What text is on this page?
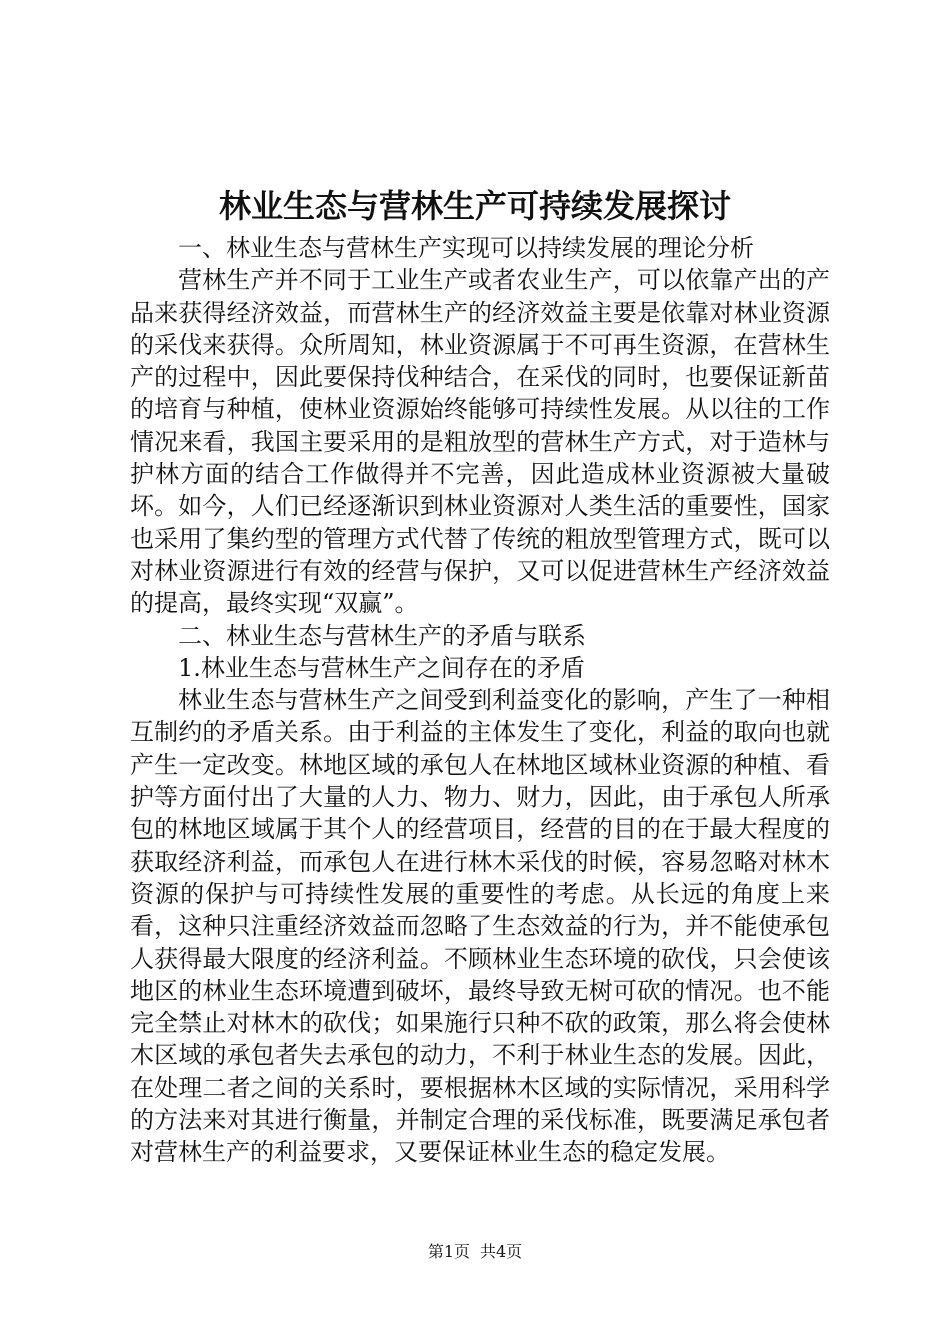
林业生态与营林生产可持续发展探讨

一、林业生态与营林生产实现可以持续发展的理论分析

营林生产并不同于工业生产或者农业生产，可以依靠产出的产品来获得经济效益，而营林生产的经济效益主要是依靠对林业资源的采伐来获得。众所周知，林业资源属于不可再生资源，在营林生产的过程中，因此要保持伐种结合，在采伐的同时，也要保证新苗的培育与种植，使林业资源始终能够可持续性发展。从以往的工作情况来看，我国主要采用的是粗放型的营林生产方式，对于造林与护林方面的结合工作做得并不完善，因此造成林业资源被大量破坏。如今，人们已经逐渐识到林业资源对人类生活的重要性，国家也采用了集约型的管理方式代替了传统的粗放型管理方式，既可以对林业资源进行有效的经营与保护，又可以促进营林生产经济效益的提高，最终实现“双赢”。

二、林业生态与营林生产的矛盾与联系

1.林业生态与营林生产之间存在的矛盾

林业生态与营林生产之间受到利益变化的影响，产生了一种相互制约的矛盾关系。由于利益的主体发生了变化，利益的取向也就产生一定改变。林地区域的承包人在林地区域林业资源的种植、看护等方面付出了大量的人力、物力、财力，因此，由于承包人所承包的林地区域属于其个人的经营项目，经营的目的在于最大程度的获取经济利益，而承包人在进行林木采伐的时候，容易忽略对林木资源的保护与可持续性发展的重要性的考虑。从长远的角度上来看，这种只注重经济效益而忽略了生态效益的行为，并不能使承包人获得最大限度的经济利益。不顾林业生态环境的砍伐，只会使该地区的林业生态环境遭到破坏，最终导致无树可砍的情况。也不能完全禁止对林木的砍伐；如果施行只种不砍的政策，那么将会使林木区域的承包者失去承包的动力，不利于林业生态的发展。因此，在处理二者之间的关系时，要根据林木区域的实际情况，采用科学的方法来对其进行衡量，并制定合理的采伐标准，既要满足承包者对营林生产的利益要求，又要保证林业生态的稳定发展。

第1页 共4页
